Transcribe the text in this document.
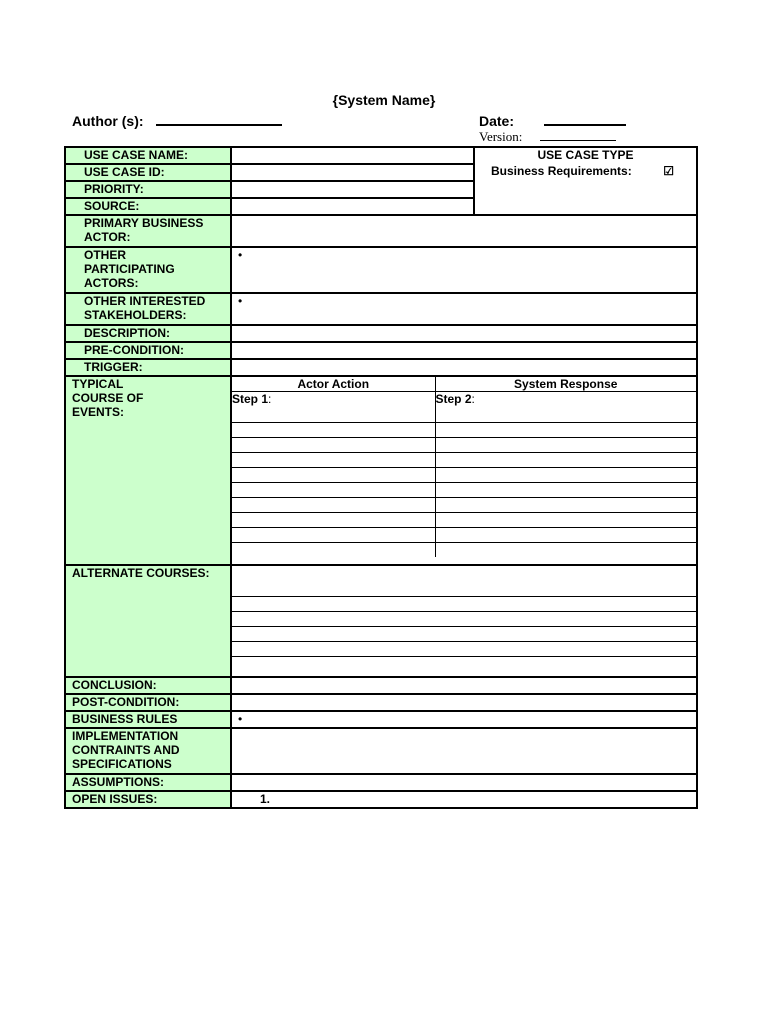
{System Name}
Author (s):	Date:
Version:
USE CASE NAME:		USE CASE TYPE
Business Requirements:	☑

USE CASE ID:	
PRIORITY:	
SOURCE:	
PRIMARY BUSINESS ACTOR:	
OTHER PARTICIPATING ACTORS:	
•

OTHER INTERESTED STAKEHOLDERS:	
•

DESCRIPTION:	
PRE-CONDITION:	
TRIGGER:	
TYPICAL COURSE OF EVENTS:	
Actor Action	System Response
Step 1:	Step 2:

ALTERNATE COURSES:	

CONCLUSION:	
POST-CONDITION:	
BUSINESS RULES	•

IMPLEMENTATION CONTRAINTS AND SPECIFICATIONS	
ASSUMPTIONS:	
OPEN ISSUES:	1.
